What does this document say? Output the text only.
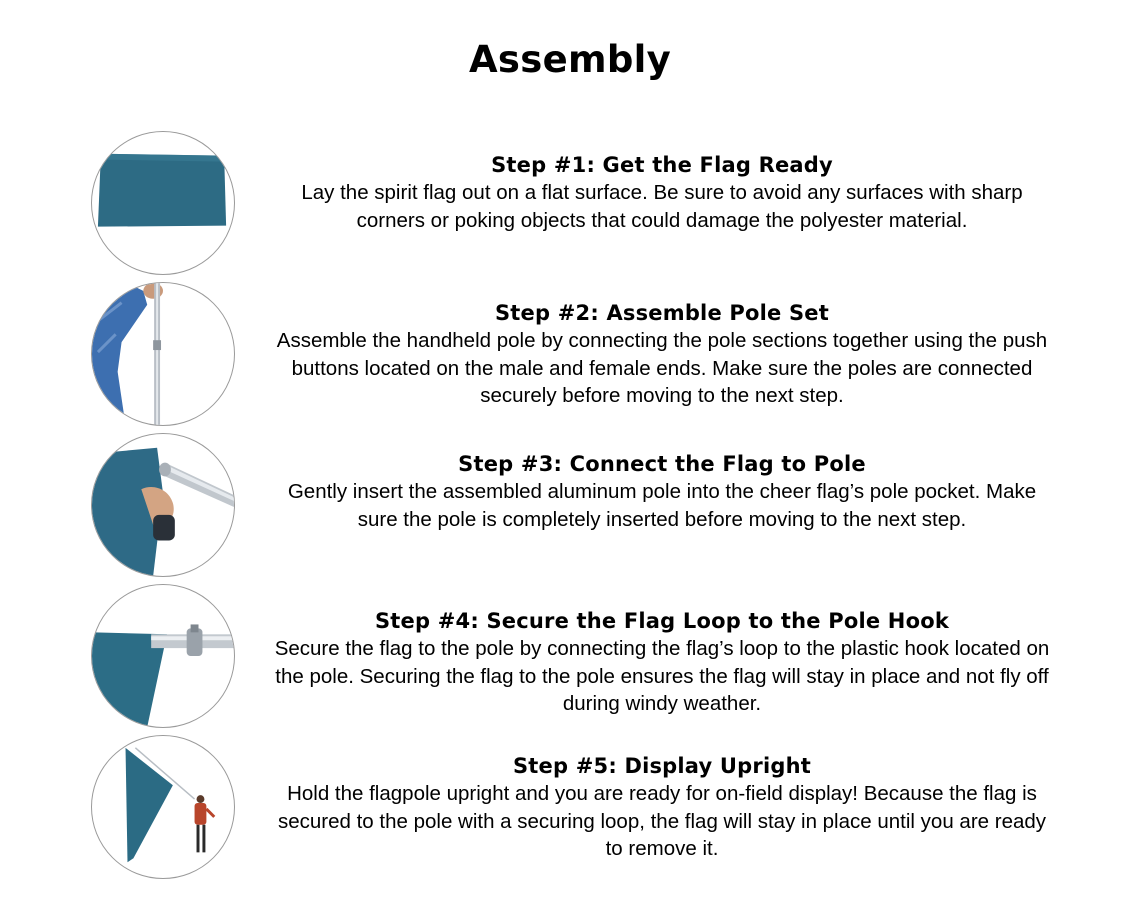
Assembly
Step #1: Get the Flag Ready

Lay the spirit flag out on a flat surface. Be sure to avoid any surfaces with sharp corners or poking objects that could damage the polyester material.

Step #2: Assemble Pole Set

Assemble the handheld pole by connecting the pole sections together using the push buttons located on the male and female ends. Make sure the poles are connected securely before moving to the next step.

Step #3: Connect the Flag to Pole

Gently insert the assembled aluminum pole into the cheer flag’s pole pocket. Make sure the pole is completely inserted before moving to the next step.

Step #4: Secure the Flag Loop to the Pole Hook

Secure the flag to the pole by connecting the flag’s loop to the plastic hook located on the pole. Securing the flag to the pole ensures the flag will stay in place and not fly off during windy weather.

Step #5: Display Upright

Hold the flagpole upright and you are ready for on-field display! Because the flag is secured to the pole with a securing loop, the flag will stay in place until you are ready to remove it.
